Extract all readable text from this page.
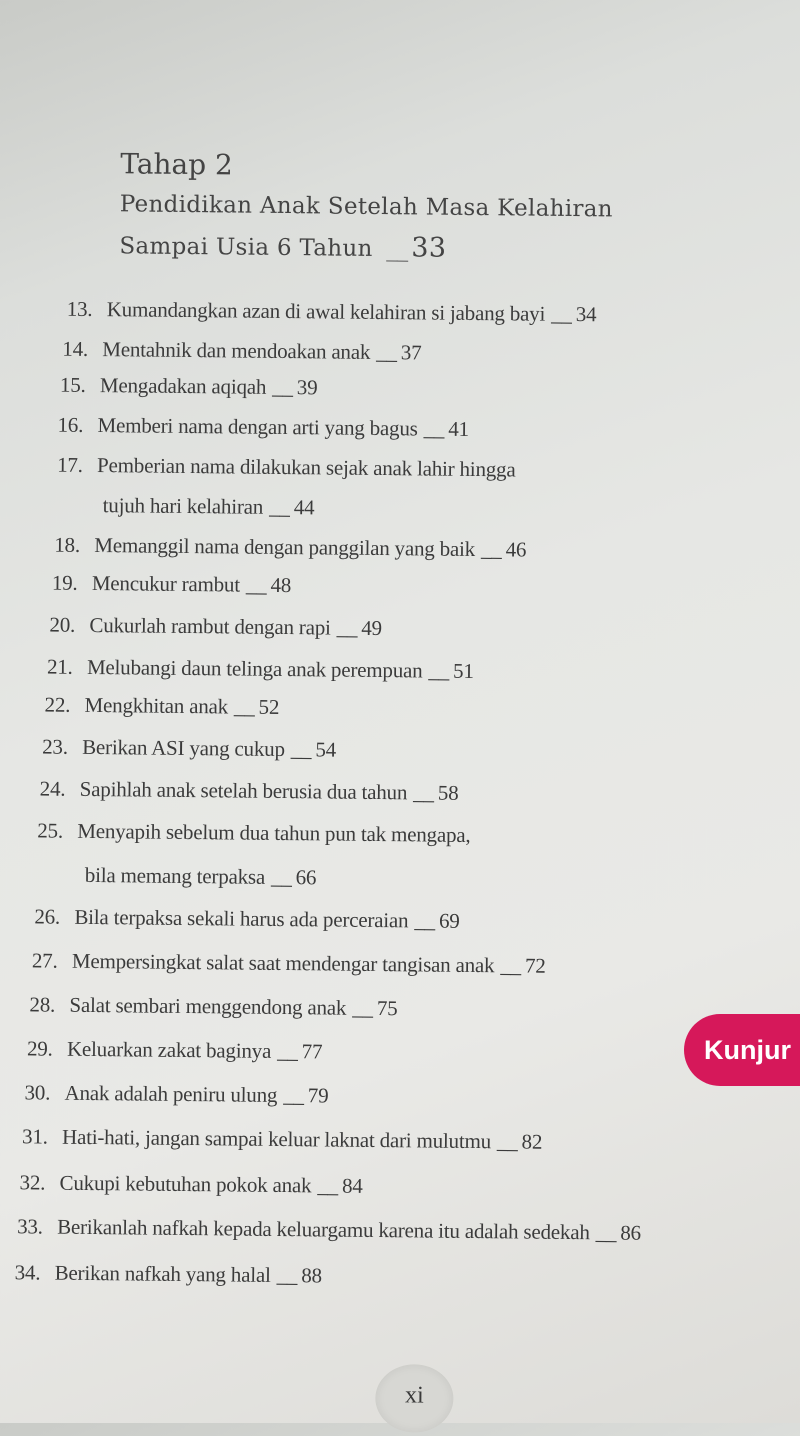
Tahap 2
Pendidikan Anak Setelah Masa Kelahiran
Sampai Usia 6 Tahun __ 33
13. Kumandangkan azan di awal kelahiran si jabang bayi __ 34
14. Mentahnik dan mendoakan anak __ 37
15. Mengadakan aqiqah __ 39
16. Memberi nama dengan arti yang bagus __ 41
17. Pemberian nama dilakukan sejak anak lahir hingga
tujuh hari kelahiran __ 44
18. Memanggil nama dengan panggilan yang baik __ 46
19. Mencukur rambut __ 48
20. Cukurlah rambut dengan rapi __ 49
21. Melubangi daun telinga anak perempuan __ 51
22. Mengkhitan anak __ 52
23. Berikan ASI yang cukup __ 54
24. Sapihlah anak setelah berusia dua tahun __ 58
25. Menyapih sebelum dua tahun pun tak mengapa,
bila memang terpaksa __ 66
26. Bila terpaksa sekali harus ada perceraian __ 69
27. Mempersingkat salat saat mendengar tangisan anak __ 72
28. Salat sembari menggendong anak __ 75
29. Keluarkan zakat baginya __ 77
30. Anak adalah peniru ulung __ 79
31. Hati-hati, jangan sampai keluar laknat dari mulutmu __ 82
32. Cukupi kebutuhan pokok anak __ 84
33. Berikanlah nafkah kepada keluargamu karena itu adalah sedekah __ 86
34. Berikan nafkah yang halal __ 88
xi
Kunjur
